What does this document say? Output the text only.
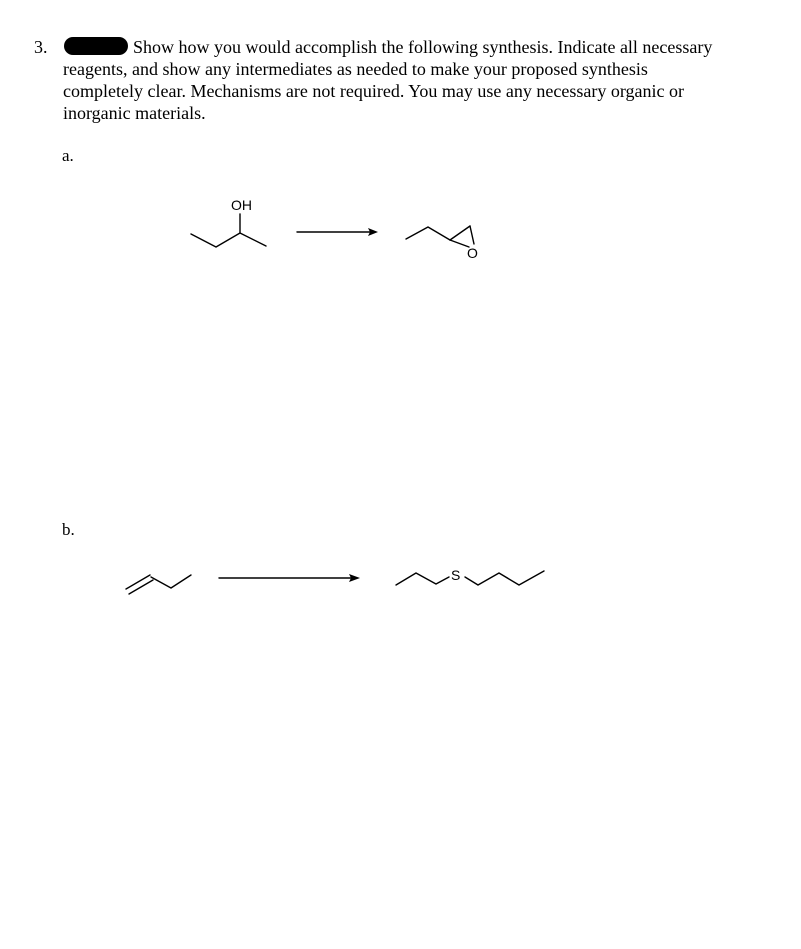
3.	Show how you would accomplish the following synthesis. Indicate all necessary
reagents, and show any intermediates as needed to make your proposed synthesis
completely clear. Mechanisms are not required. You may use any necessary organic or
inorganic materials.
a.
b.
OH
O
S
